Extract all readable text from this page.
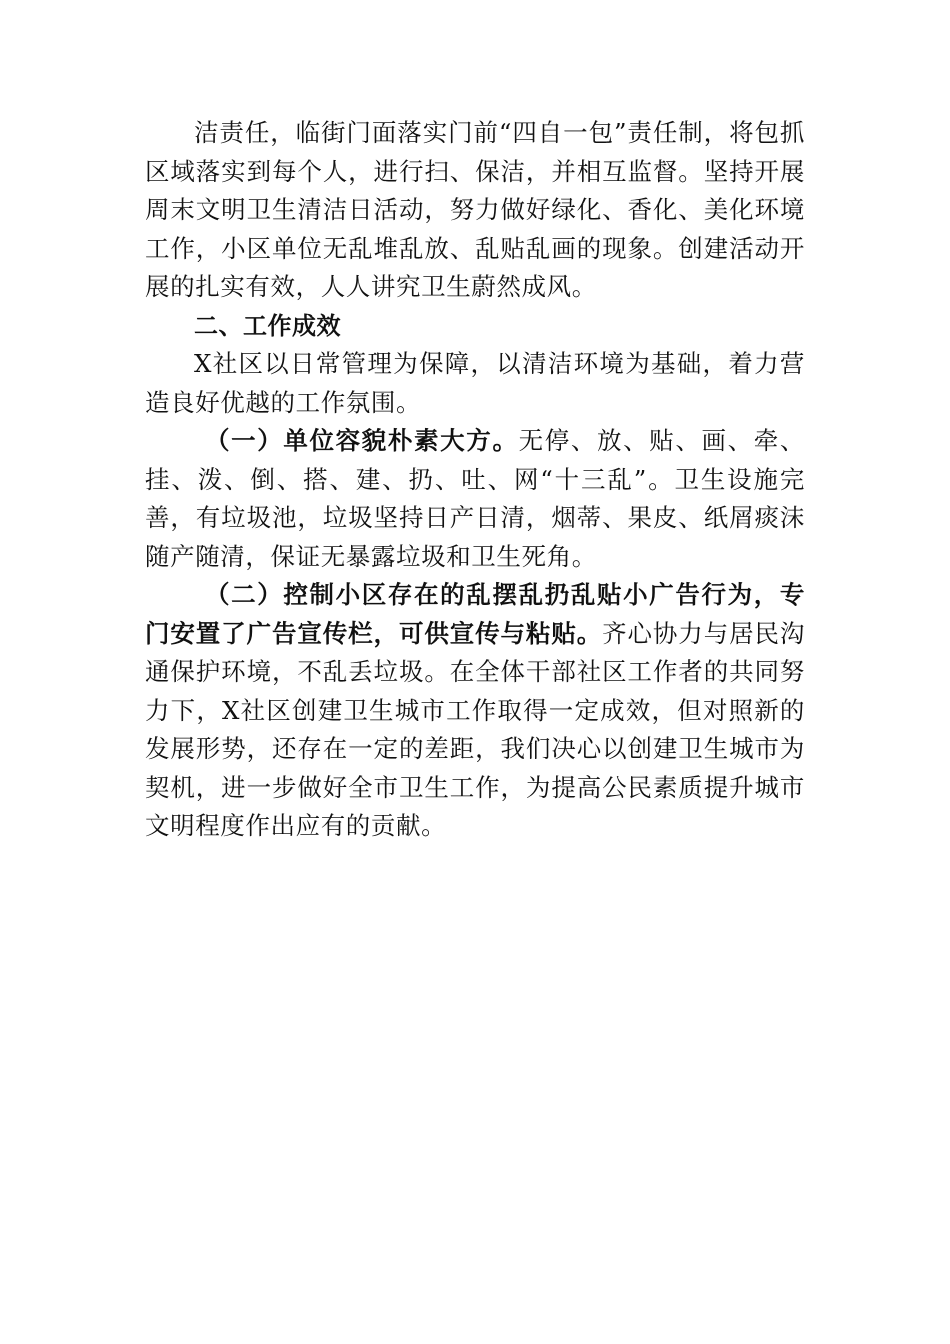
洁责任，临街门面落实门前“四自一包”责任制，将包抓区域落实到每个人，进行扫、保洁，并相互监督。坚持开展周末文明卫生清洁日活动，努力做好绿化、香化、美化环境工作，小区单位无乱堆乱放、乱贴乱画的现象。创建活动开展的扎实有效，人人讲究卫生蔚然成风。

二、工作成效

X社区以日常管理为保障，以清洁环境为基础，着力营造良好优越的工作氛围。

（一）单位容貌朴素大方。无停、放、贴、画、牵、挂、泼、倒、搭、建、扔、吐、网“十三乱”。卫生设施完善，有垃圾池，垃圾坚持日产日清，烟蒂、果皮、纸屑痰沫随产随清，保证无暴露垃圾和卫生死角。

（二）控制小区存在的乱摆乱扔乱贴小广告行为，专门安置了广告宣传栏，可供宣传与粘贴。齐心协力与居民沟通保护环境，不乱丢垃圾。在全体干部社区工作者的共同努力下，X社区创建卫生城市工作取得一定成效，但对照新的发展形势，还存在一定的差距，我们决心以创建卫生城市为契机，进一步做好全市卫生工作，为提高公民素质提升城市文明程度作出应有的贡献。
